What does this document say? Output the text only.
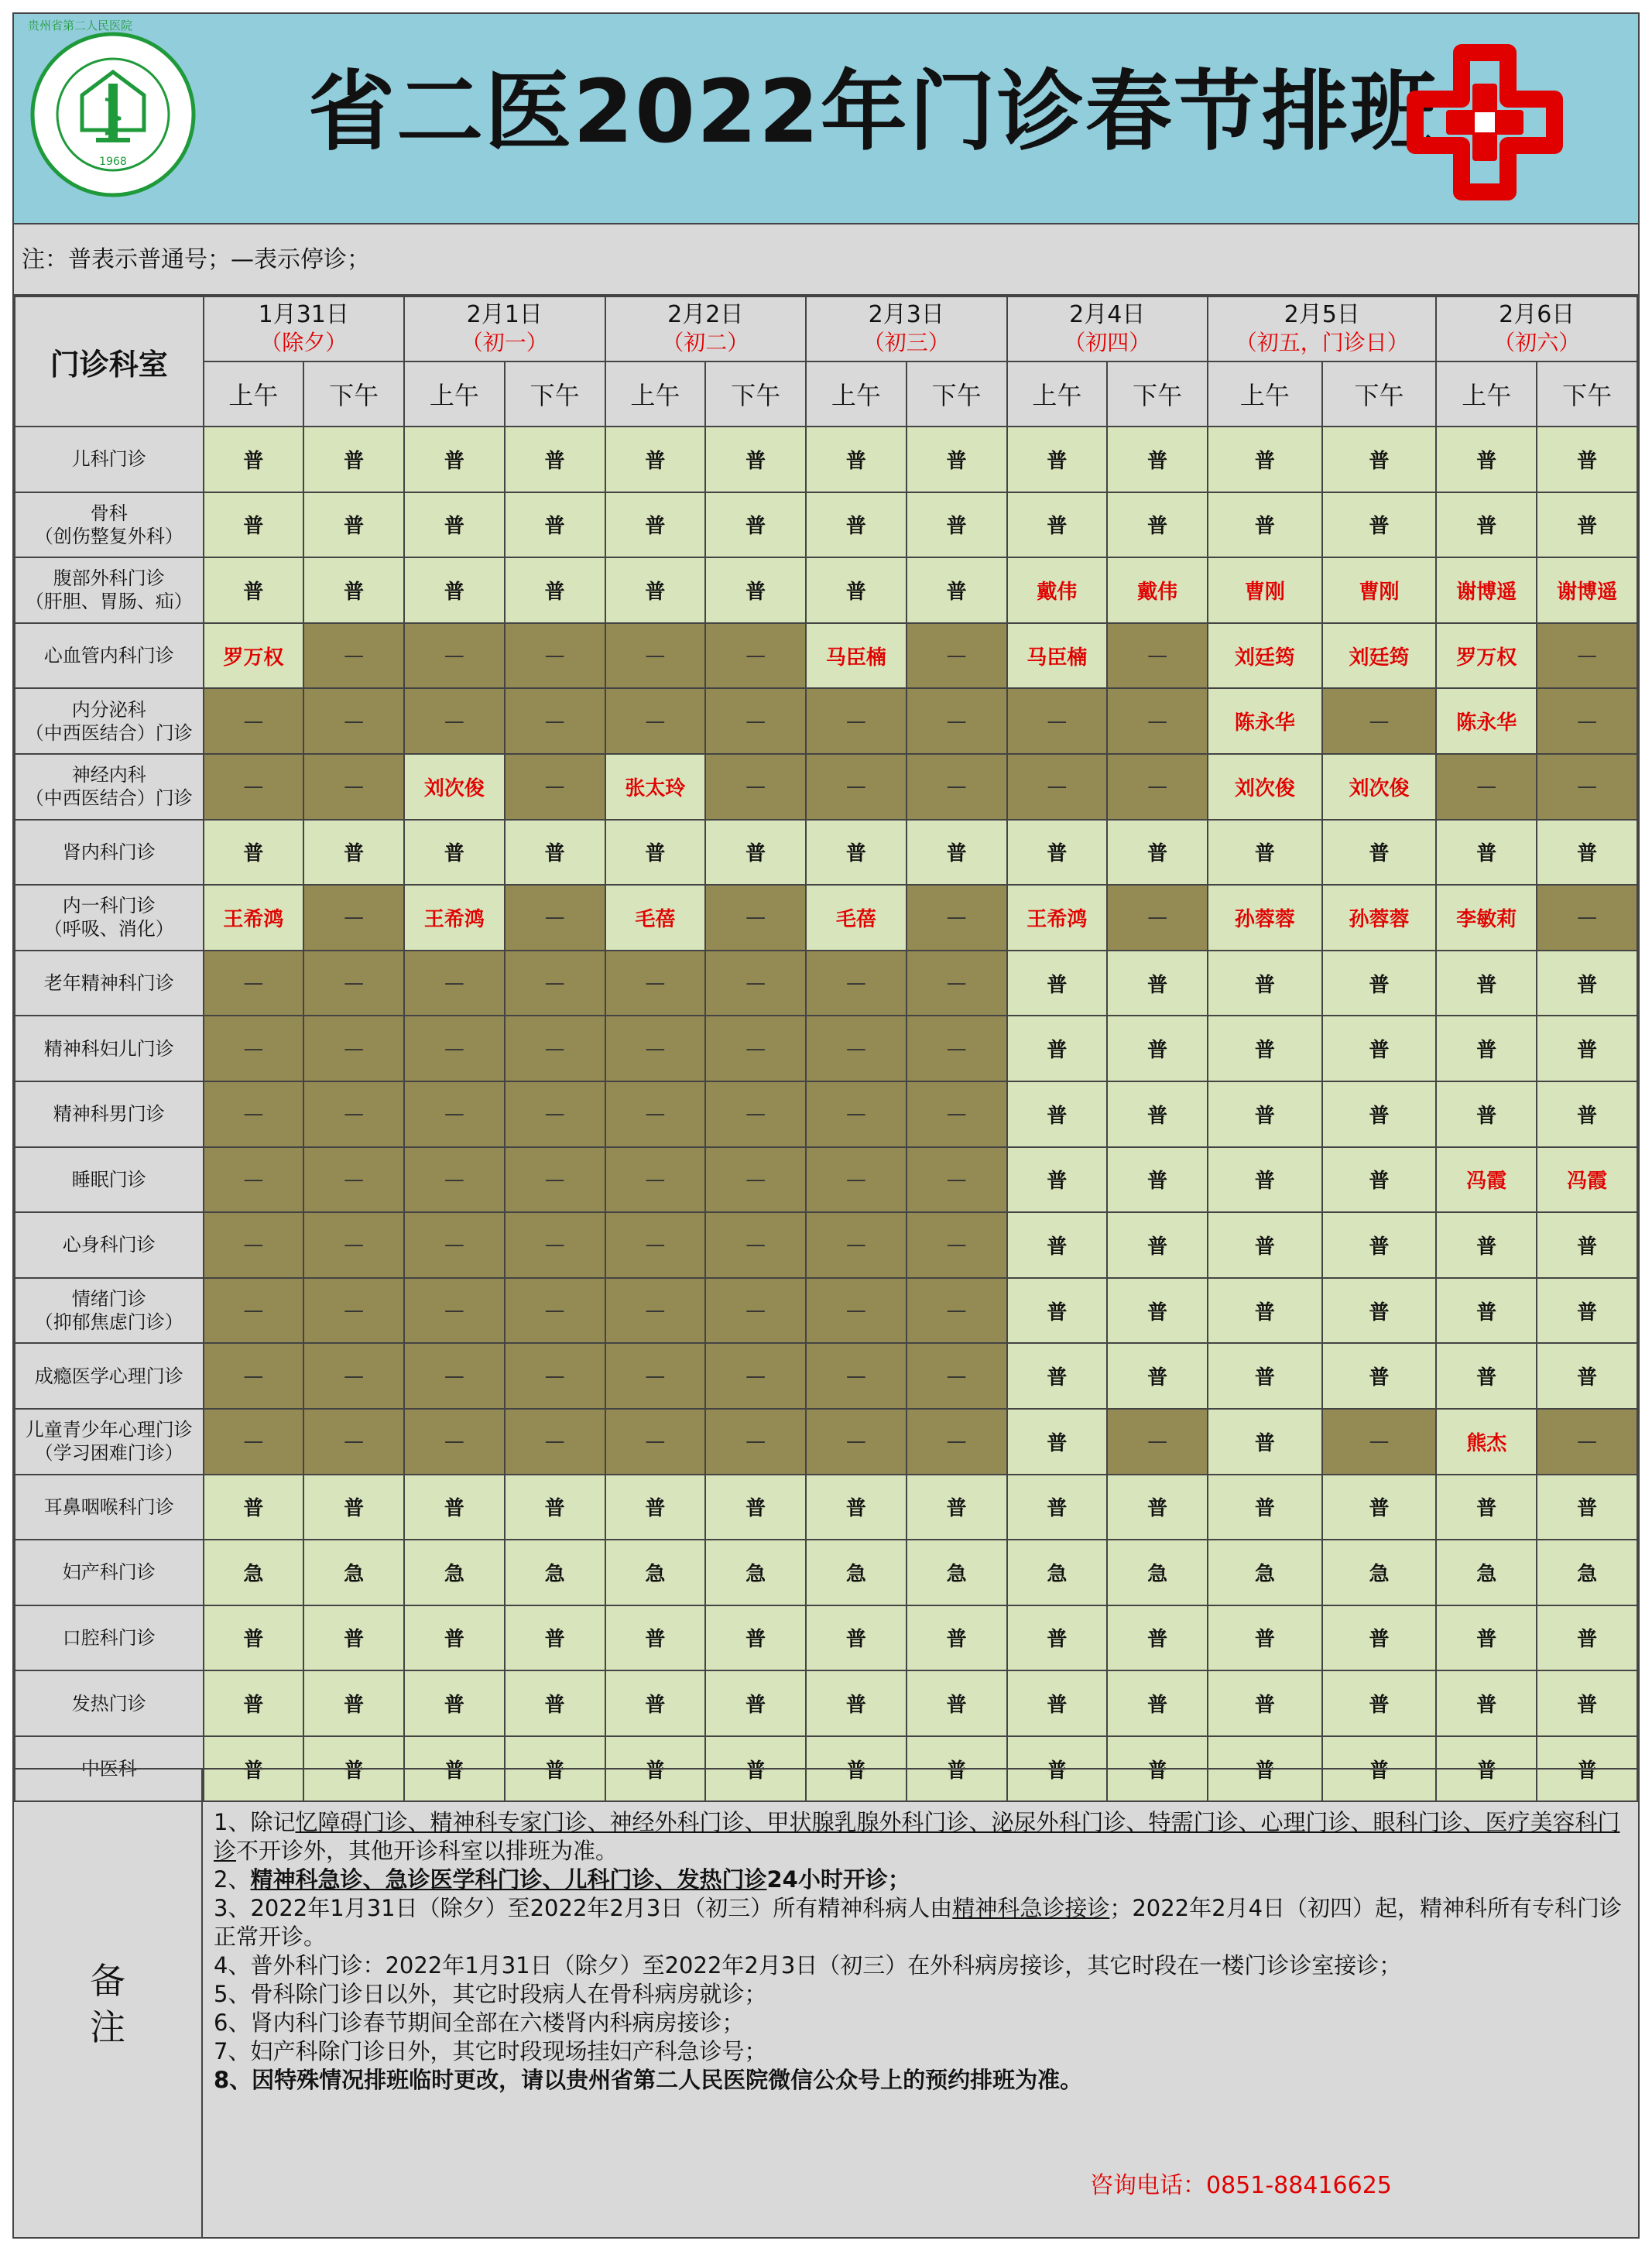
贵州省第二人民医院
1968 省二医2022年门诊春节排班
注：普表示普通号；—表示停诊；
门诊科室	1月31日
（除夕）		2月1日
（初一）		2月2日
（初二）		2月3日
（初三）		2月4日
（初四）		2月5日
（初五，门诊日）		2月6日
（初六）	

	上午	下午	上午	下午	上午	下午	上午	下午	上午	下午	上午	下午	上午	下午

儿科门诊	普	普	普	普	普	普	普	普	普	普	普	普	普	普

骨科
（创伤整复外科）	普	普	普	普	普	普	普	普	普	普	普	普	普	普

腹部外科门诊
（肝胆、胃肠、疝）	普	普	普	普	普	普	普	普	戴伟	戴伟	曹刚	曹刚	谢博遥	谢博遥

心血管内科门诊	罗万权	—	—	—	—	—	马臣楠	—	马臣楠	—	刘廷筠	刘廷筠	罗万权	—

内分泌科
（中西医结合）门诊	—	—	—	—	—	—	—	—	—	—	陈永华	—	陈永华	—

神经内科
（中西医结合）门诊	—	—	刘次俊	—	张太玲	—	—	—	—	—	刘次俊	刘次俊	—	—

肾内科门诊	普	普	普	普	普	普	普	普	普	普	普	普	普	普

内一科门诊
（呼吸、消化）	王希鸿	—	王希鸿	—	毛蓓	—	毛蓓	—	王希鸿	—	孙蓉蓉	孙蓉蓉	李敏莉	—

老年精神科门诊	—	—	—	—	—	—	—	—	普	普	普	普	普	普

精神科妇儿门诊	—	—	—	—	—	—	—	—	普	普	普	普	普	普

精神科男门诊	—	—	—	—	—	—	—	—	普	普	普	普	普	普

睡眠门诊	—	—	—	—	—	—	—	—	普	普	普	普	冯霞	冯霞

心身科门诊	—	—	—	—	—	—	—	—	普	普	普	普	普	普

情绪门诊
（抑郁焦虑门诊）	—	—	—	—	—	—	—	—	普	普	普	普	普	普

成瘾医学心理门诊	—	—	—	—	—	—	—	—	普	普	普	普	普	普

儿童青少年心理门诊
（学习困难门诊）	—	—	—	—	—	—	—	—	普	—	普	—	熊杰	—

耳鼻咽喉科门诊	普	普	普	普	普	普	普	普	普	普	普	普	普	普

妇产科门诊	急	急	急	急	急	急	急	急	急	急	急	急	急	急

口腔科门诊	普	普	普	普	普	普	普	普	普	普	普	普	普	普

发热门诊	普	普	普	普	普	普	普	普	普	普	普	普	普	普

中医科	普	普	普	普	普	普	普	普	普	普	普	普	普	普
备注

1、除记忆障碍门诊、精神科专家门诊、神经外科门诊、甲状腺乳腺外科门诊、泌尿外科门诊、特需门诊、心理门诊、眼科门诊、医疗美容科门诊不开诊外，其他开诊科室以排班为准。

2、精神科急诊、急诊医学科门诊、儿科门诊、发热门诊24小时开诊；

3、2022年1月31日（除夕）至2022年2月3日（初三）所有精神科病人由精神科急诊接诊；2022年2月4日（初四）起，精神科所有专科门诊正常开诊。

4、普外科门诊：2022年1月31日（除夕）至2022年2月3日（初三）在外科病房接诊，其它时段在一楼门诊诊室接诊；

5、骨科除门诊日以外，其它时段病人在骨科病房就诊；

6、肾内科门诊春节期间全部在六楼肾内科病房接诊；

7、妇产科除门诊日外，其它时段现场挂妇产科急诊号；

8、因特殊情况排班临时更改，请以贵州省第二人民医院微信公众号上的预约排班为准。

咨询电话：0851-88416625
